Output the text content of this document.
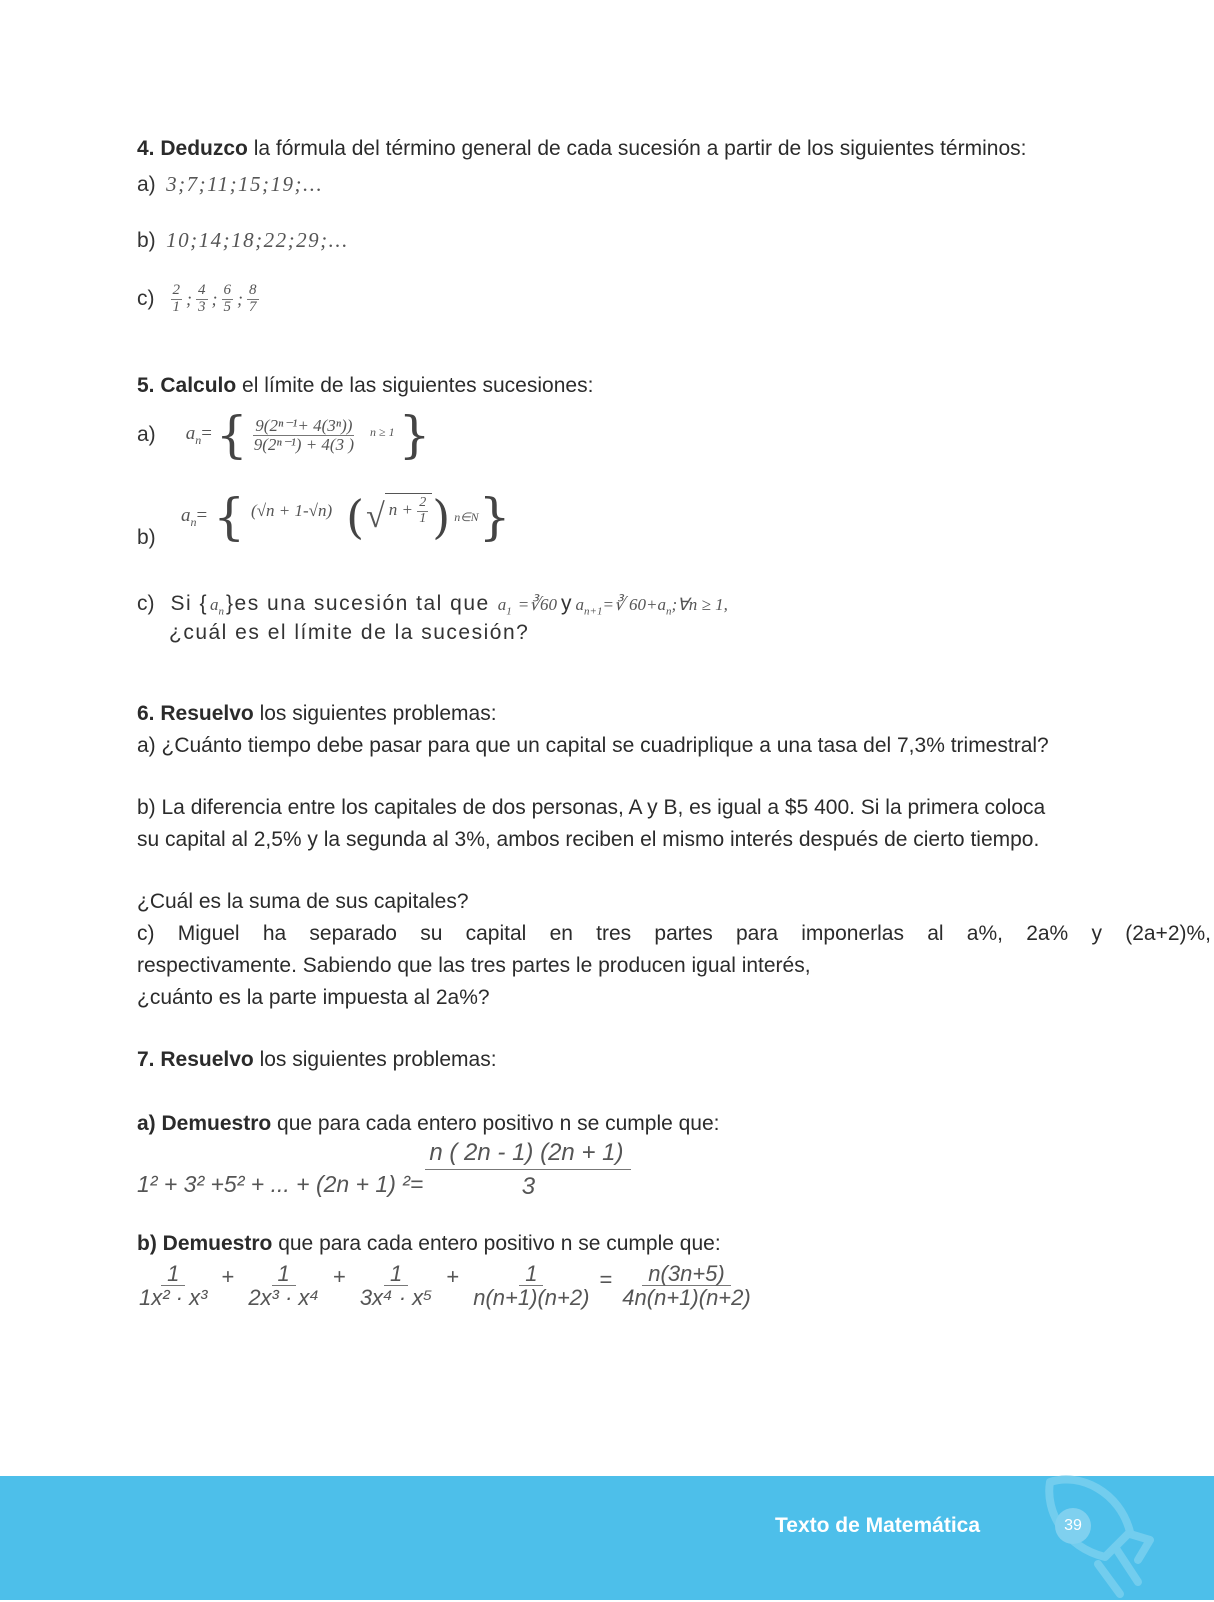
4. Deduzco la fórmula del término general de cada sucesión a partir de los siguientes términos:
a) 3;7;11;15;19;...
b) 10;14;18;22;29;...
$c) \frac{2}{1}$ ; $\frac{4}{3}$ ; $\frac{6}{5}$ ; $\frac{8}{7}$
5. Calculo el límite de las siguientes sucesiones:
a) $a_n=$ { $\frac{\text{9(2ⁿ⁻¹+ 4(3ⁿ))}}{\text{9(2ⁿ⁻¹) + 4(3 )}}$ n ≥ 1 }
b)
$a_n=$ { (√n + 1-√n) ( √ $n + \frac{2}{1}$ ) n∈N }
c) Si { $a_n$ }es una sucesión tal que $a_1$ =∛60 y $a_{n+1}=∛$ $60+a_n;\forall n \ge 1$,
¿cuál es el límite de la sucesión?
6. Resuelvo los siguientes problemas:
a) ¿Cuánto tiempo debe pasar para que un capital se cuadriplique a una tasa del 7,3% trimestral?
b) La diferencia entre los capitales de dos personas, A y B, es igual a $5 400. Si la primera coloca
su capital al 2,5% y la segunda al 3%, ambos reciben el mismo interés después de cierto tiempo.
¿Cuál es la suma de sus capitales?
c) Miguel ha separado su capital en tres partes para imponerlas al a%, 2a% y (2a+2)%,
respectivamente. Sabiendo que las tres partes le producen igual interés,
¿cuánto es la parte impuesta al 2a%?
7. Resuelvo los siguientes problemas:
a) Demuestro que para cada entero positivo n se cumple que:
1² + 3² +5² + ... + (2n + 1) $^2= \frac{n ( 2n - 1) (2n + 1)}{3}$
b) Demuestro que para cada entero positivo n se cumple que:
$\frac{1}{\text{1x² · x³}} + \frac{1}{\text{2x³ · x⁴}} + \frac{1}{\text{3x⁴ · x⁵}} + \frac{1}{n(n+1)(n+2)} = \frac{n(3n+5)}{4n(n+1)(n+2)}$
Texto de Matemática	39
